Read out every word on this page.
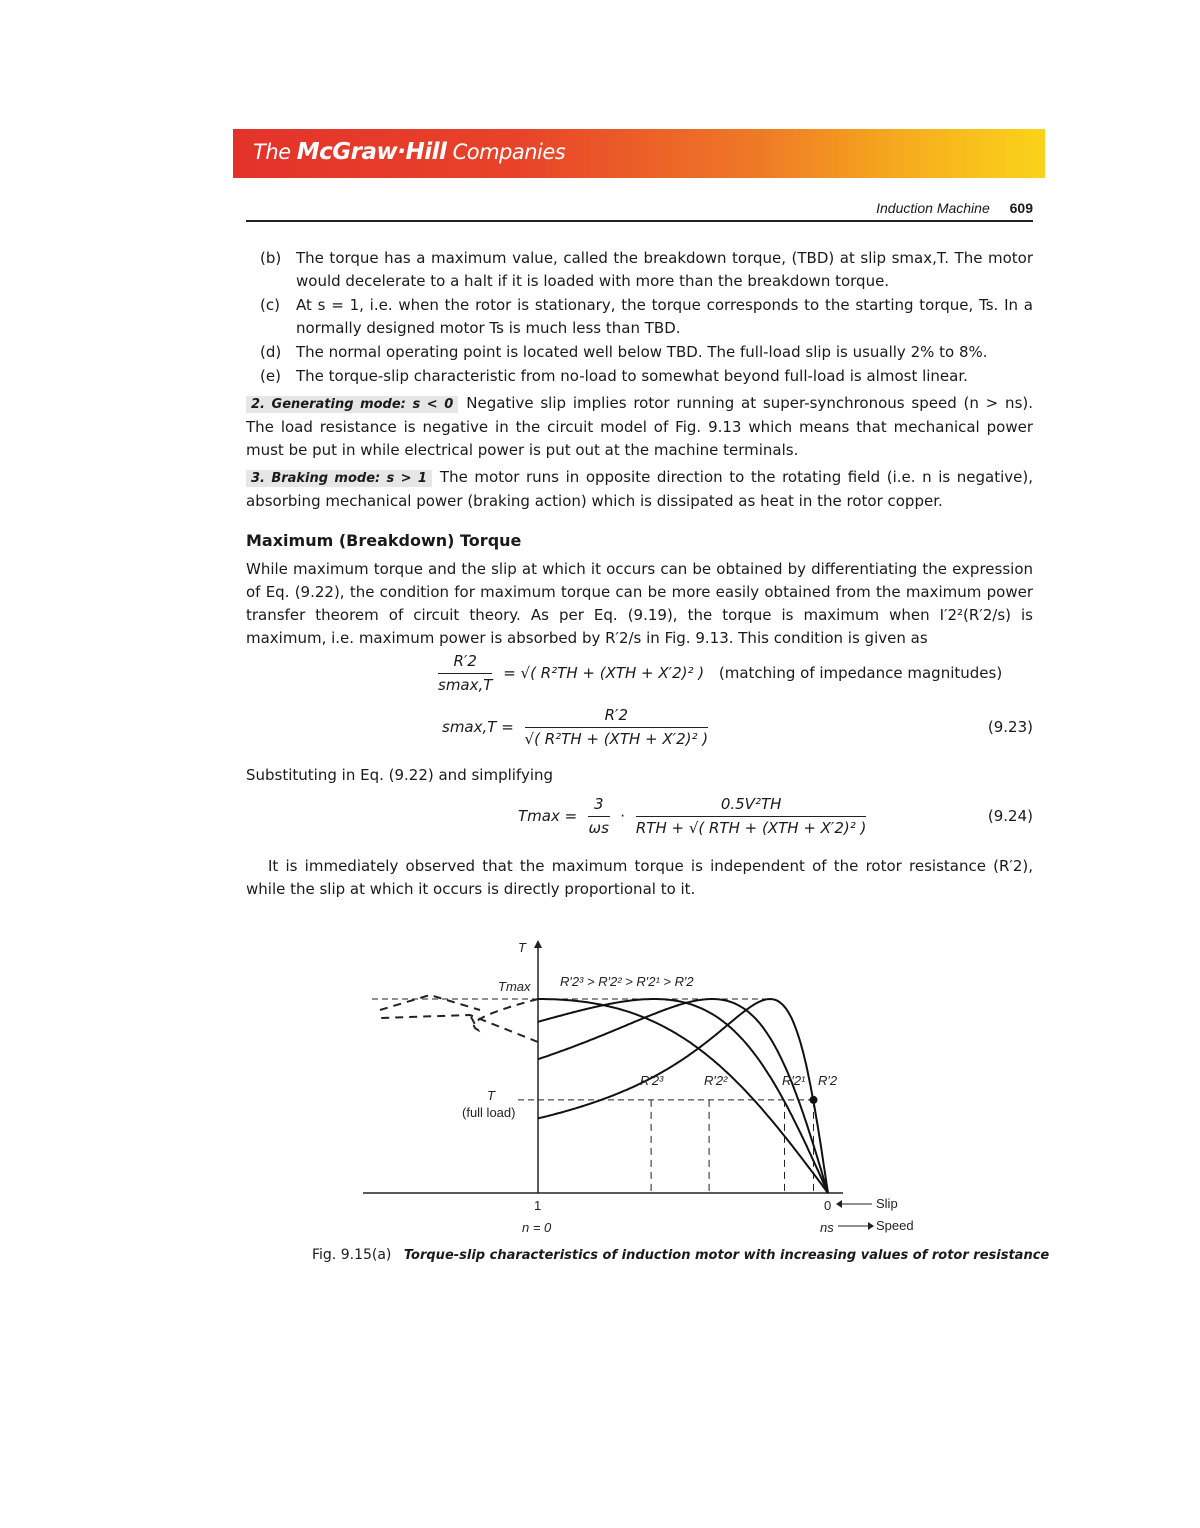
The McGraw·Hill Companies
Induction Machine 609
(b) The torque has a maximum value, called the breakdown torque, (TBD) at slip smax,T. The motor would decelerate to a halt if it is loaded with more than the breakdown torque.
(c)	At s = 1, i.e. when the rotor is stationary, the torque corresponds to the starting torque, Ts. In a normally designed motor Ts is much less than TBD.
(d) The normal operating point is located well below TBD. The full-load slip is usually 2% to 8%.
(e)	The torque-slip characteristic from no-load to somewhat beyond full-load is almost linear.

2. Generating mode: s < 0 Negative slip implies rotor running at super-synchronous speed (n > ns). The load resistance is negative in the circuit model of Fig. 9.13 which means that mechanical power must be put in while electrical power is put out at the machine terminals.

3. Braking mode: s > 1 The motor runs in opposite direction to the rotating field (i.e. n is negative), absorbing mechanical power (braking action) which is dissipated as heat in the rotor copper.

Maximum (Breakdown) Torque

While maximum torque and the slip at which it occurs can be obtained by differentiating the expression of Eq. (9.22), the condition for maximum torque can be more easily obtained from the maximum power transfer theorem of circuit theory. As per Eq. (9.19), the torque is maximum when I′2²(R′2/s) is maximum, i.e. maximum power is absorbed by R′2/s in Fig. 9.13. This condition is given as

$\frac{R'2}{smax,T}$ = √( R²TH + (XTH + X′2)² ) (matching of impedance magnitudes)
$smax,T = \frac{R'2}{\text{√( R²TH + (XTH + X′2)² )}}$	(9.23)

Substituting in Eq. (9.22) and simplifying

$Tmax = \frac{3}{\omega s} \cdot \frac{\text{0.5V²TH}}{\text{RTH + √( RTH + (XTH + X′2)² )}}$	(9.24)

It is immediately observed that the maximum torque is independent of the rotor resistance (R′2), while the slip at which it occurs is directly proportional to it.

T
Tmax
T
(full load)
R′2³ > R′2² > R′2¹ > R′2
R′2
R′2¹
R′2²
R′2³
1	0
n = 0	ns
Slip
Speed
Fig. 9.15(a) Torque-slip characteristics of induction motor with increasing values of rotor resistance
